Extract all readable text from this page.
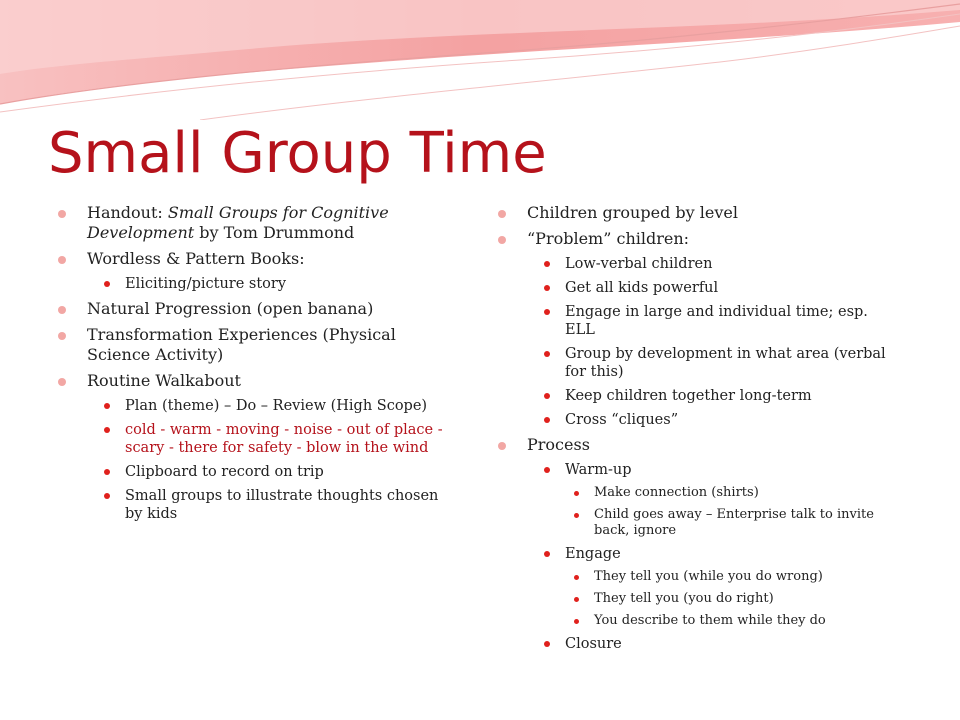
Small Group Time
Handout: Small Groups for Cognitive Development by Tom Drummond
Wordless & Pattern Books:
Eliciting/picture story
Natural Progression (open banana)
Transformation Experiences (Physical Science Activity)
Routine Walkabout
Plan (theme) – Do – Review (High Scope)
cold - warm - moving - noise - out of place - scary - there for safety - blow in the wind
Clipboard to record on trip
Small groups to illustrate thoughts chosen by kids
Children grouped by level
“Problem” children:
Low-verbal children
Get all kids powerful
Engage in large and individual time; esp. ELL
Group by development in what area (verbal for this)
Keep children together long-term
Cross “cliques”
Process
Warm-up
Make connection (shirts)
Child goes away – Enterprise talk to invite back, ignore
Engage
They tell you (while you do wrong)
They tell you (you do right)
You describe to them while they do
Closure
